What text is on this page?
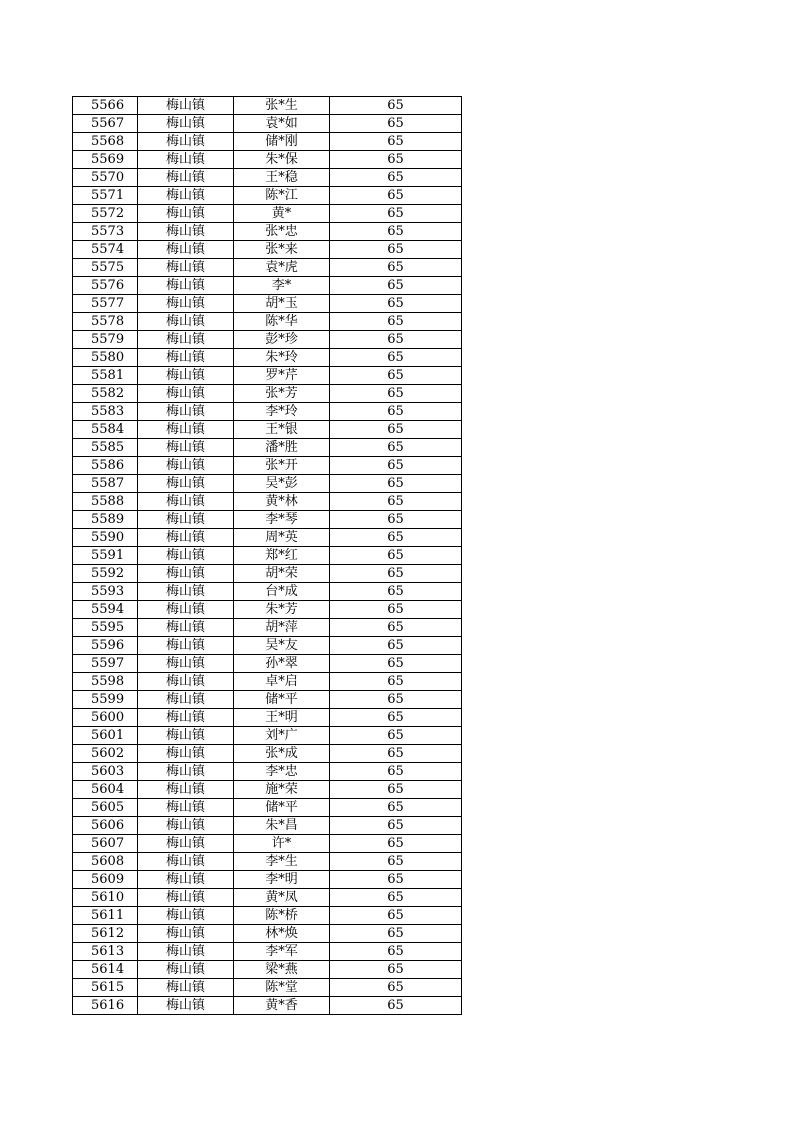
5566	梅山镇	张*生	65
5567	梅山镇	袁*如	65
5568	梅山镇	储*刚	65
5569	梅山镇	朱*保	65
5570	梅山镇	王*稳	65
5571	梅山镇	陈*江	65
5572	梅山镇	黄*	65
5573	梅山镇	张*忠	65
5574	梅山镇	张*来	65
5575	梅山镇	袁*虎	65
5576	梅山镇	李*	65
5577	梅山镇	胡*玉	65
5578	梅山镇	陈*华	65
5579	梅山镇	彭*珍	65
5580	梅山镇	朱*玲	65
5581	梅山镇	罗*芹	65
5582	梅山镇	张*芳	65
5583	梅山镇	李*玲	65
5584	梅山镇	王*银	65
5585	梅山镇	潘*胜	65
5586	梅山镇	张*开	65
5587	梅山镇	吴*彭	65
5588	梅山镇	黄*林	65
5589	梅山镇	李*琴	65
5590	梅山镇	周*英	65
5591	梅山镇	郑*红	65
5592	梅山镇	胡*荣	65
5593	梅山镇	台*成	65
5594	梅山镇	朱*芳	65
5595	梅山镇	胡*萍	65
5596	梅山镇	吴*友	65
5597	梅山镇	孙*翠	65
5598	梅山镇	卓*启	65
5599	梅山镇	储*平	65
5600	梅山镇	王*明	65
5601	梅山镇	刘*广	65
5602	梅山镇	张*成	65
5603	梅山镇	李*忠	65
5604	梅山镇	施*荣	65
5605	梅山镇	储*平	65
5606	梅山镇	朱*昌	65
5607	梅山镇	许*	65
5608	梅山镇	李*生	65
5609	梅山镇	李*明	65
5610	梅山镇	黄*凤	65
5611	梅山镇	陈*桥	65
5612	梅山镇	林*焕	65
5613	梅山镇	李*军	65
5614	梅山镇	梁*燕	65
5615	梅山镇	陈*堂	65
5616	梅山镇	黄*香	65
